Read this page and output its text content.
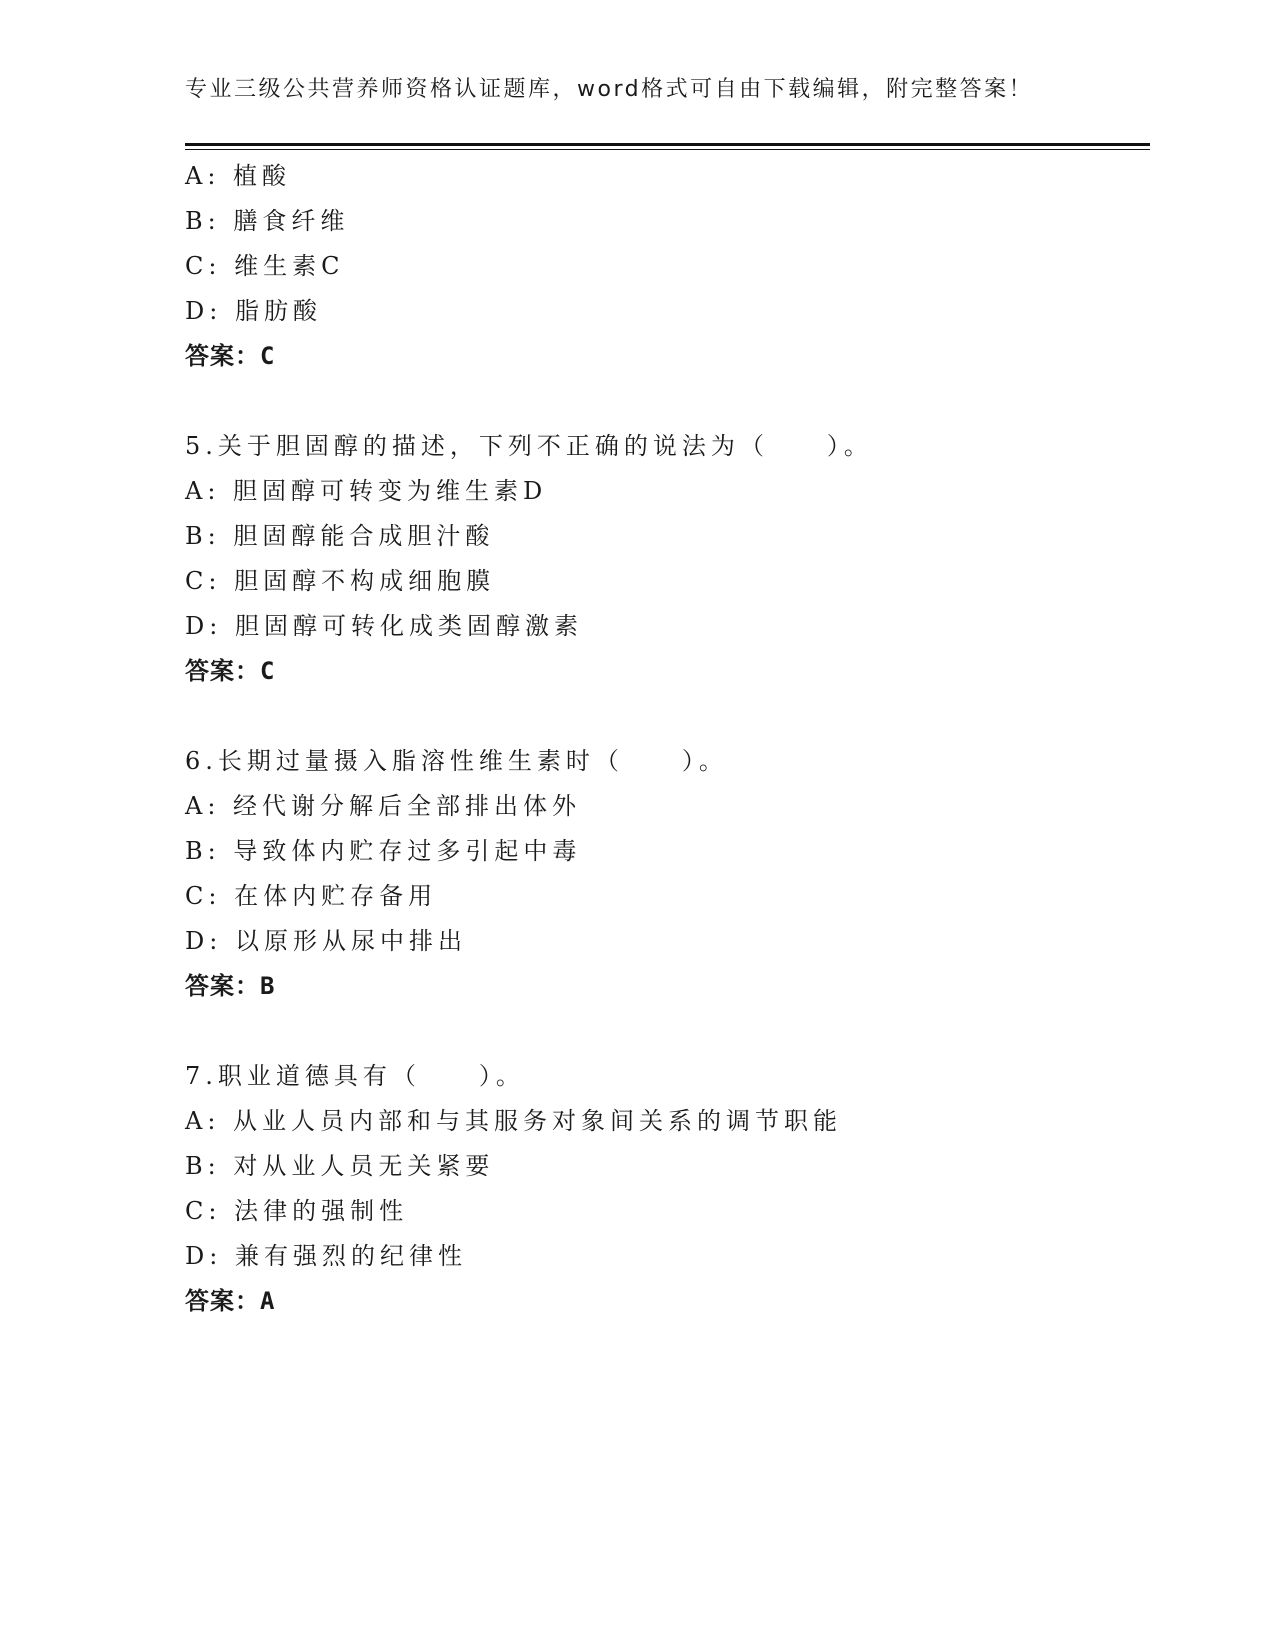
专业三级公共营养师资格认证题库，word格式可自由下载编辑，附完整答案！
A: 植酸
B: 膳食纤维
C: 维生素C
D: 脂肪酸
答案：C
5.关于胆固醇的描述，下列不正确的说法为（　　）。
A: 胆固醇可转变为维生素D
B: 胆固醇能合成胆汁酸
C: 胆固醇不构成细胞膜
D: 胆固醇可转化成类固醇激素
答案：C
6.长期过量摄入脂溶性维生素时（　　）。
A: 经代谢分解后全部排出体外
B: 导致体内贮存过多引起中毒
C: 在体内贮存备用
D: 以原形从尿中排出
答案：B
7.职业道德具有（　　）。
A: 从业人员内部和与其服务对象间关系的调节职能
B: 对从业人员无关紧要
C: 法律的强制性
D: 兼有强烈的纪律性
答案：A
